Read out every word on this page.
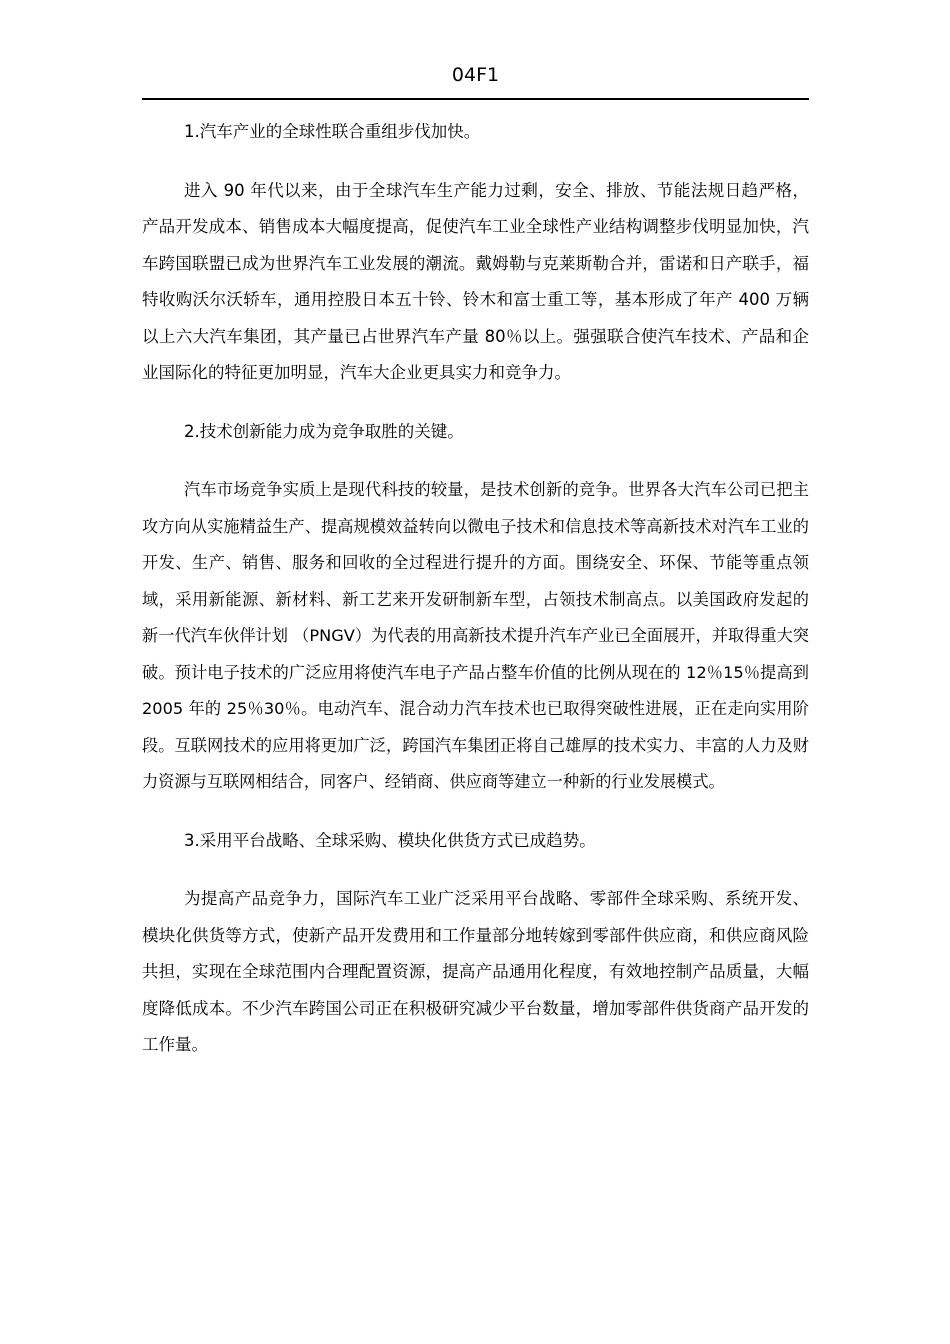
04F1

1.汽车产业的全球性联合重组步伐加快。

进入 90 年代以来，由于全球汽车生产能力过剩，安全、排放、节能法规日趋严格，产品开发成本、销售成本大幅度提高，促使汽车工业全球性产业结构调整步伐明显加快，汽车跨国联盟已成为世界汽车工业发展的潮流。戴姆勒与克莱斯勒合并，雷诺和日产联手，福特收购沃尔沃轿车，通用控股日本五十铃、铃木和富士重工等，基本形成了年产 400 万辆以上六大汽车集团，其产量已占世界汽车产量 80％以上。强强联合使汽车技术、产品和企业国际化的特征更加明显，汽车大企业更具实力和竞争力。

2.技术创新能力成为竞争取胜的关键。

汽车市场竞争实质上是现代科技的较量，是技术创新的竞争。世界各大汽车公司已把主攻方向从实施精益生产、提高规模效益转向以微电子技术和信息技术等高新技术对汽车工业的开发、生产、销售、服务和回收的全过程进行提升的方面。围绕安全、环保、节能等重点领域，采用新能源、新材料、新工艺来开发研制新车型，占领技术制高点。以美国政府发起的 新一代汽车伙伴计划 （PNGV）为代表的用高新技术提升汽车产业已全面展开，并取得重大突破。预计电子技术的广泛应用将使汽车电子产品占整车价值的比例从现在的 12％15％提高到 2005 年的 25％30％。电动汽车、混合动力汽车技术也已取得突破性进展，正在走向实用阶段。互联网技术的应用将更加广泛，跨国汽车集团正将自己雄厚的技术实力、丰富的人力及财力资源与互联网相结合，同客户、经销商、供应商等建立一种新的行业发展模式。

3.采用平台战略、全球采购、模块化供货方式已成趋势。

为提高产品竞争力，国际汽车工业广泛采用平台战略、零部件全球采购、系统开发、模块化供货等方式，使新产品开发费用和工作量部分地转嫁到零部件供应商，和供应商风险共担，实现在全球范围内合理配置资源，提高产品通用化程度，有效地控制产品质量，大幅度降低成本。不少汽车跨国公司正在积极研究减少平台数量，增加零部件供货商产品开发的工作量。
